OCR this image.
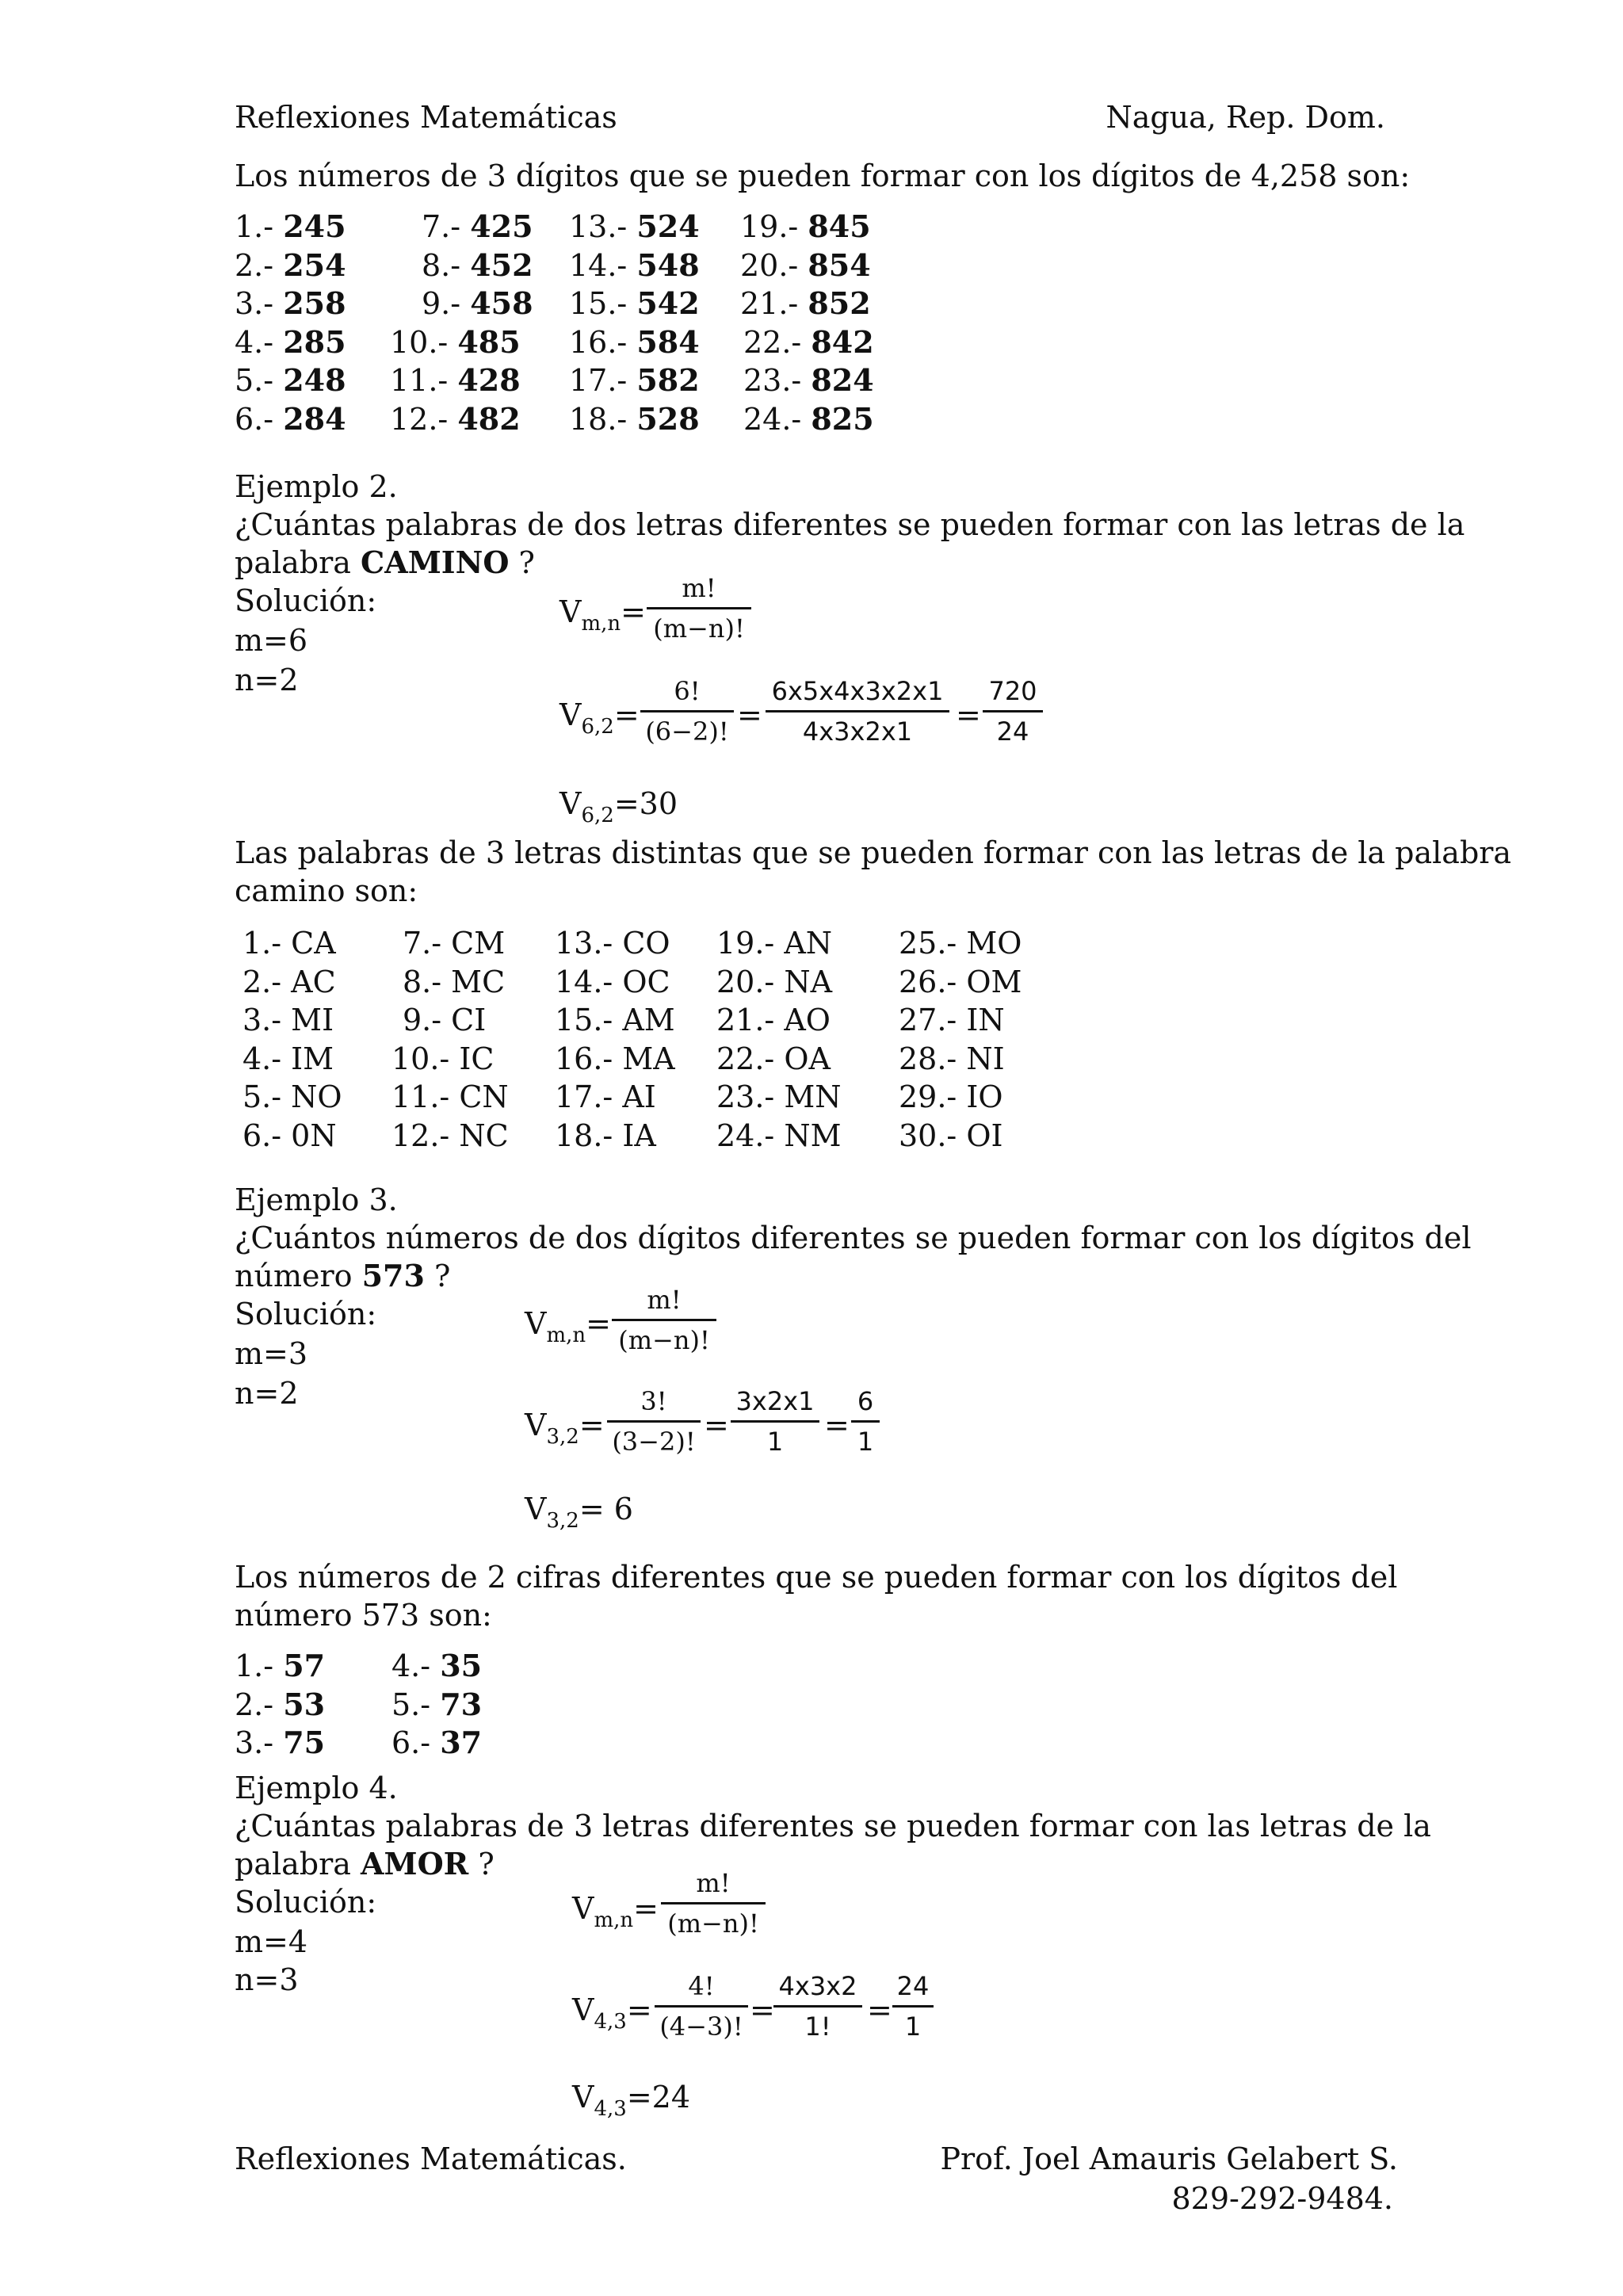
Reflexiones Matemáticas	Nagua, Rep. Dom.
Los números de 3 dígitos que se pueden formar con los dígitos de 4,258 son:
1.- 245
2.- 254
3.- 258
4.- 285
5.- 248
6.- 284
7.- 425
8.- 452
9.- 458
10.- 485
11.- 428
12.- 482
13.- 524
14.- 548
15.- 542
16.- 584
17.- 582
18.- 528
19.- 845
20.- 854
21.- 852
22.- 842
23.- 824
24.- 825
Ejemplo 2.
¿Cuántas palabras de dos letras diferentes se pueden formar con las letras de la
palabra CAMINO ?
Solución:
m=6
n=2
$V_{m,n}= \frac{m!}{(m-n)!}$
$V_{6,2}= \frac{6!}{(6-2)!} = \frac{6x5x4x3x2x1}{4x3x2x1} = \frac{720}{24}$
$V_{6,2}=30$
Las palabras de 3 letras distintas que se pueden formar con las letras de la palabra
camino son:
1.- CA
2.- AC
3.- MI
4.- IM
5.- NO
6.- 0N
7.- CM
8.- MC
9.- CI
10.- IC
11.- CN
12.- NC
13.- CO
14.- OC
15.- AM
16.- MA
17.- AI
18.- IA
19.- AN
20.- NA
21.- AO
22.- OA
23.- MN
24.- NM
25.- MO
26.- OM
27.- IN
28.- NI
29.- IO
30.- OI
Ejemplo 3.
¿Cuántos números de dos dígitos diferentes se pueden formar con los dígitos del
número 573 ?
Solución:
m=3
n=2
$V_{m,n}= \frac{m!}{(m-n)!}$
$V_{3,2}= \frac{3!}{(3-2)!} = \frac{3x2x1}{1} = \frac{6}{1}$
$V_{3,2}= 6$
Los números de 2 cifras diferentes que se pueden formar con los dígitos del
número 573 son:
1.- 57
2.- 53
3.- 75
4.- 35
5.- 73
6.- 37
Ejemplo 4.
¿Cuántas palabras de 3 letras diferentes se pueden formar con las letras de la
palabra AMOR ?
Solución:
m=4
n=3
$V_{m,n}= \frac{m!}{(m-n)!}$
$V_{4,3}= \frac{4!}{(4-3)!}$ =
$\frac{4x3x2}{1!} = \frac{24}{1}$
$V_{4,3}=24$
Reflexiones Matemáticas.	Prof. Joel Amauris Gelabert S.
829-292-9484.
